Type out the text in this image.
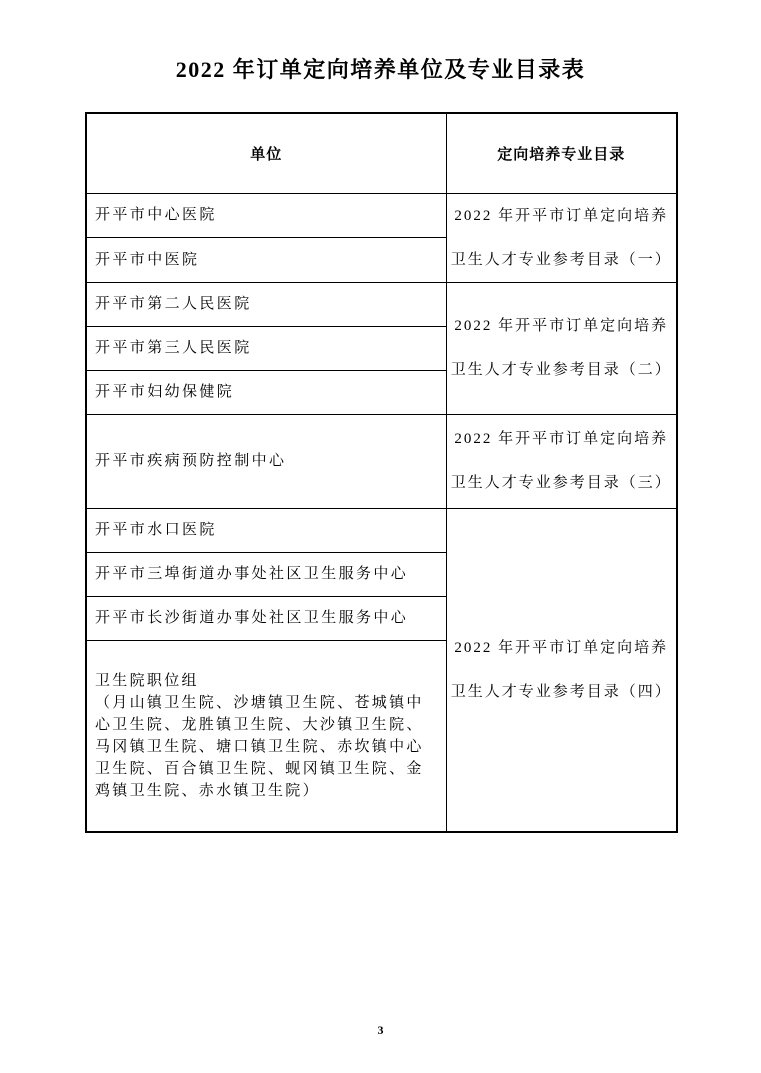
2022 年订单定向培养单位及专业目录表
单位	定向培养专业目录
开平市中心医院	2022 年开平市订单定向培养
卫生人才专业参考目录（一）

开平市中医院	
开平市第二人民医院	2022 年开平市订单定向培养
卫生人才专业参考目录（二）

开平市第三人民医院	
开平市妇幼保健院	
开平市疾病预防控制中心	2022 年开平市订单定向培养
卫生人才专业参考目录（三）

开平市水口医院	2022 年开平市订单定向培养
卫生人才专业参考目录（四）

开平市三埠街道办事处社区卫生服务中心	
开平市长沙街道办事处社区卫生服务中心	

卫生院职位组
（月山镇卫生院、沙塘镇卫生院、苍城镇中心卫生院、龙胜镇卫生院、大沙镇卫生院、马冈镇卫生院、塘口镇卫生院、赤坎镇中心卫生院、百合镇卫生院、蚬冈镇卫生院、金鸡镇卫生院、赤水镇卫生院）	
3
